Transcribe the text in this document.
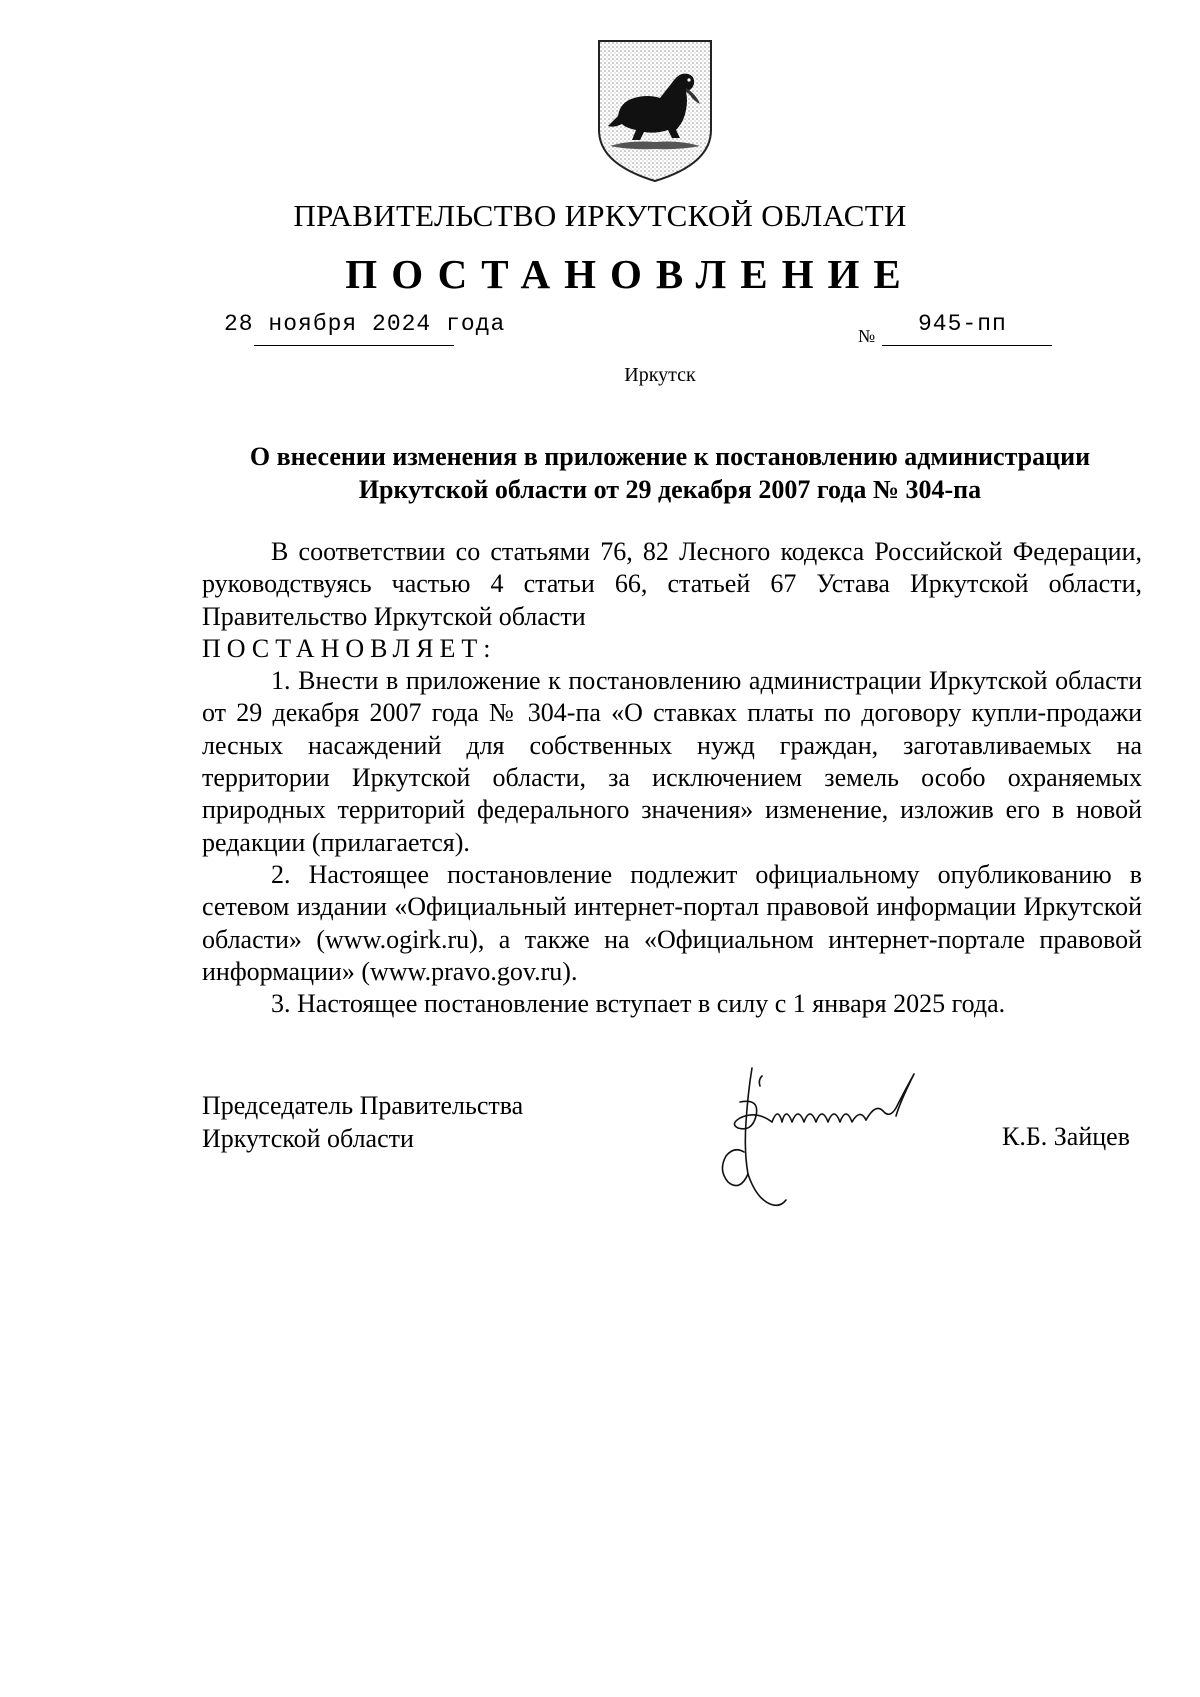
ПРАВИТЕЛЬСТВО ИРКУТСКОЙ ОБЛАСТИ
ПОСТАНОВЛЕНИЕ
28 ноября 2024 года	№ 945-пп
Иркутск
О внесении изменения в приложение к постановлению администрации
Иркутской области от 29 декабря 2007 года № 304-па

В соответствии со статьями 76, 82 Лесного кодекса Российской Федерации, руководствуясь частью 4 статьи 66, статьей 67 Устава Иркутской области, Правительство Иркутской области

ПОСТАНОВЛЯЕТ:

1. Внести в приложение к постановлению администрации Иркутской области от 29 декабря 2007 года № 304-па «О ставках платы по договору купли-продажи лесных насаждений для собственных нужд граждан, заготавливаемых на территории Иркутской области, за исключением земель особо охраняемых природных территорий федерального значения» изменение, изложив его в новой редакции (прилагается).

2. Настоящее постановление подлежит официальному опубликованию в сетевом издании «Официальный интернет-портал правовой информации Иркутской области» (www.ogirk.ru), а также на «Официальном интернет-портале правовой информации» (www.pravo.gov.ru).

3. Настоящее постановление вступает в силу с 1 января 2025 года.

Председатель Правительства
Иркутской области	К.Б. Зайцев
